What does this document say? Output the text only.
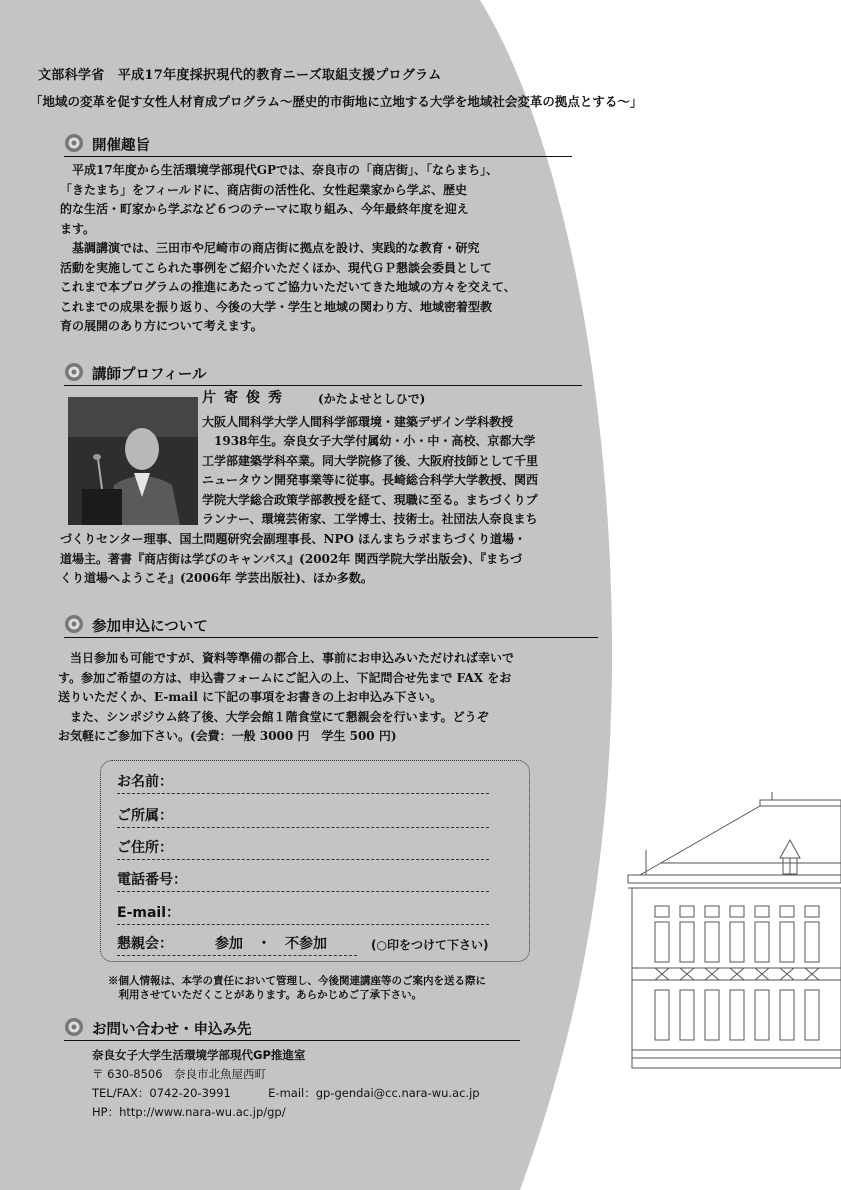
文部科学省　平成17年度採択現代的教育ニーズ取組支援プログラム
「地域の変革を促す女性人材育成プログラム～歴史的市街地に立地する大学を地域社会変革の拠点とする～」
開催趣旨
　平成17年度から生活環境学部現代GPでは、奈良市の「商店街」、「ならまち」、
「きたまち」をフィールドに、商店街の活性化、女性起業家から学ぶ、歴史
的な生活・町家から学ぶなど６つのテーマに取り組み、今年最終年度を迎え
ます。
　基調講演では、三田市や尼崎市の商店街に拠点を設け、実践的な教育・研究
活動を実施してこられた事例をご紹介いただくほか、現代ＧＰ懇談会委員として
これまで本プログラムの推進にあたってご協力いただいてきた地域の方々を交えて、
これまでの成果を振り返り、今後の大学・学生と地域の関わり方、地域密着型教
育の展開のあり方について考えます。
講師プロフィール
片寄俊秀 (かたよせとしひで)
大阪人間科学大学人間科学部環境・建築デザイン学科教授
　1938年生。奈良女子大学付属幼・小・中・高校、京都大学
工学部建築学科卒業。同大学院修了後、大阪府技師として千里
ニュータウン開発事業等に従事。長崎総合科学大学教授、関西
学院大学総合政策学部教授を経て、現職に至る。まちづくりプ
ランナー、環境芸術家、工学博士、技術士。社団法人奈良まち
づくりセンター理事、国土問題研究会副理事長、NPO ほんまちラボまちづくり道場・
道場主。著書『商店街は学びのキャンパス』(2002年 関西学院大学出版会)、『まちづ
くり道場へようこそ』(2006年 学芸出版社)、ほか多数。
参加申込について
　当日参加も可能ですが、資料等準備の都合上、事前にお申込みいただければ幸いで
す。参加ご希望の方は、申込書フォームにご記入の上、下記問合せ先まで FAX をお
送りいただくか、E-mail に下記の事項をお書きの上お申込み下さい。
　また、シンポジウム終了後、大学会館１階食堂にて懇親会を行います。どうぞ
お気軽にご参加下さい。(会費：一般 3000 円　学生 500 円)
お名前：
ご所属：
ご住所：
電話番号：
E-mail：
懇親会：	参加　・　不参加	(○印をつけて下さい)
※個人情報は、本学の責任において管理し、今後関連講座等のご案内を送る際に
　利用させていただくことがあります。あらかじめご了承下さい。
お問い合わせ・申込み先
奈良女子大学生活環境学部現代GP推進室
〒 630-8506　奈良市北魚屋西町
TEL/FAX：0742-20-3991	E-mail：gp-gendai@cc.nara-wu.ac.jp
HP：http://www.nara-wu.ac.jp/gp/
